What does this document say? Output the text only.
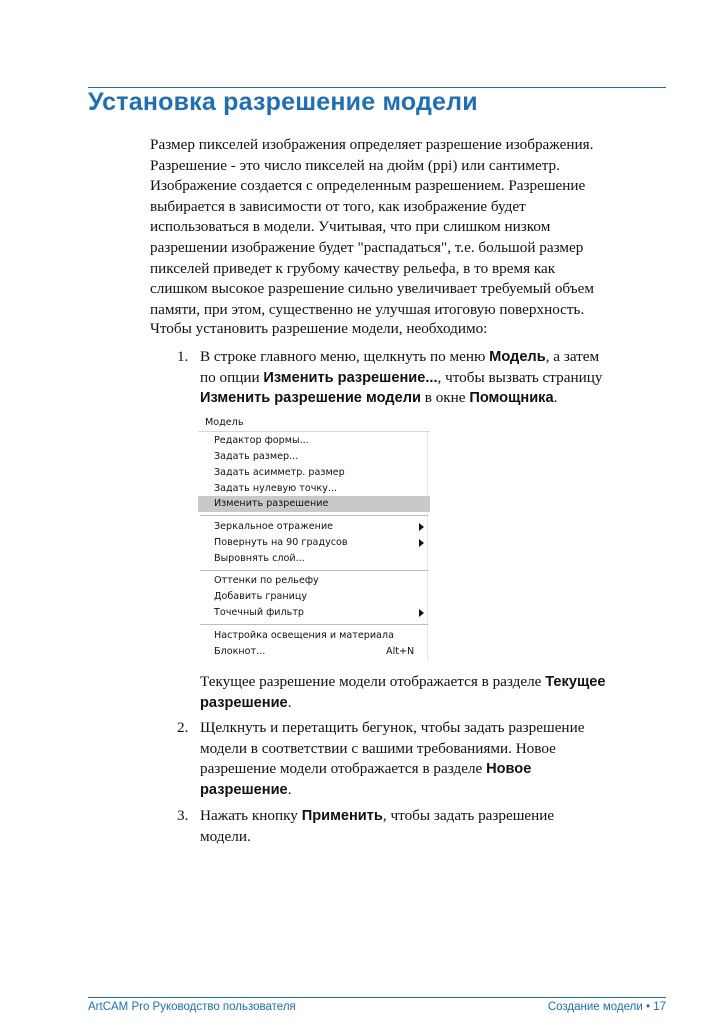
Установка разрешение модели
Размер пикселей изображения определяет разрешение изображения.
Разрешение - это число пикселей на дюйм (ppi) или сантиметр.
Изображение создается с определенным разрешением. Разрешение
выбирается в зависимости от того, как изображение будет
использоваться в модели. Учитывая, что при слишком низком
разрешении изображение будет "распадаться", т.е. большой размер
пикселей приведет к грубому качеству рельефа, в то время как
слишком высокое разрешение сильно увеличивает требуемый объем
памяти, при этом, существенно не улучшая итоговую поверхность.
Чтобы установить разрешение модели, необходимо:
1. В строке главного меню, щелкнуть по меню Модель, а затем
по опции Изменить разрешение..., чтобы вызвать страницу
Изменить разрешение модели в окне Помощника.
Модель
Редактор формы...
Задать размер...
Задать асимметр. размер
Задать нулевую точку...
Изменить разрешение
Зеркальное отражение
Повернуть на 90 градусов
Выровнять слой...
Оттенки по рельефу
Добавить границу
Точечный фильтр
Настройка освещения и материала
Блокнот...	Alt+N
Текущее разрешение модели отображается в разделе Текущее
разрешение.
2. Щелкнуть и перетащить бегунок, чтобы задать разрешение
модели в соответствии с вашими требованиями. Новое
разрешение модели отображается в разделе Новое
разрешение.
3. Нажать кнопку Применить, чтобы задать разрешение
модели.
ArtCAM Pro Руководство пользователя	Создание модели • 17
